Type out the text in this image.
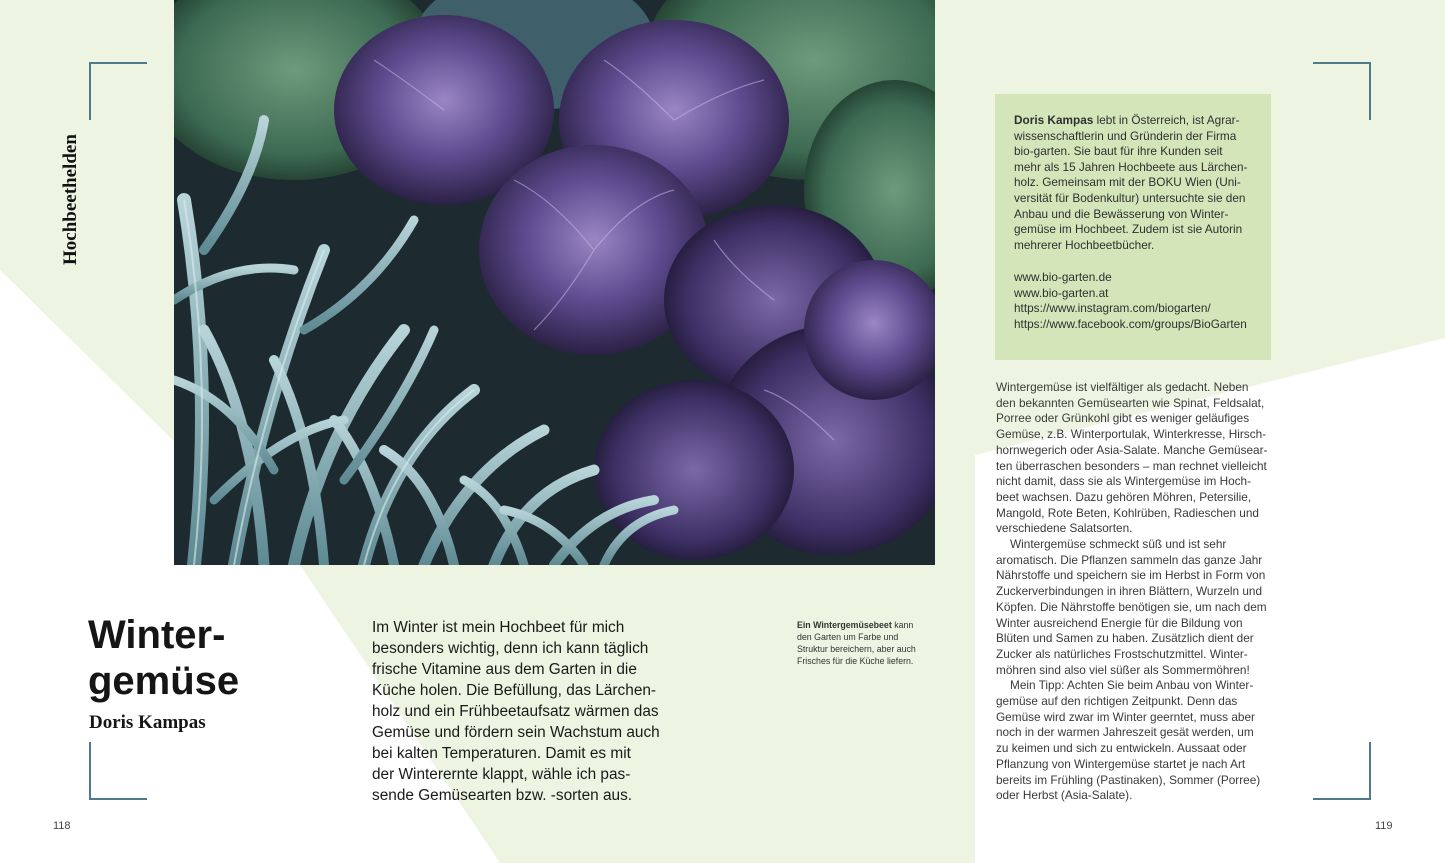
Hochbeethelden
Winter-
gemüse
Doris Kampas
Im Winter ist mein Hochbeet für mich
besonders wichtig, denn ich kann täglich
frische Vitamine aus dem Garten in die
Küche holen. Die Befüllung, das Lärchen-
holz und ein Frühbeetaufsatz wärmen das
Gemüse und fördern sein Wachstum auch
bei kalten Temperaturen. Damit es mit
der Winterernte klappt, wähle ich pas-
sende Gemüsearten bzw. -sorten aus.
Ein Wintergemüsebeet kann
den Garten um Farbe und
Struktur bereichern, aber auch
Frisches für die Küche liefern.
Doris Kampas lebt in Österreich, ist Agrar-
wissenschaftlerin und Gründerin der Firma
bio-garten. Sie baut für ihre Kunden seit
mehr als 15 Jahren Hochbeete aus Lärchen-
holz. Gemeinsam mit der BOKU Wien (Uni-
versität für Bodenkultur) untersuchte sie den
Anbau und die Bewässerung von Winter-
gemüse im Hochbeet. Zudem ist sie Autorin
mehrerer Hochbeetbücher.
www.bio-garten.de
www.bio-garten.at
https://www.instagram.com/biogarten/
https://www.facebook.com/groups/BioGarten
Wintergemüse ist vielfältiger als gedacht. Neben
den bekannten Gemüsearten wie Spinat, Feldsalat,
Porree oder Grünkohl gibt es weniger geläufiges
Gemüse, z.B. Winterportulak, Winterkresse, Hirsch-
hornwegerich oder Asia-Salate. Manche Gemüsear-
ten überraschen besonders – man rechnet vielleicht
nicht damit, dass sie als Wintergemüse im Hoch-
beet wachsen. Dazu gehören Möhren, Petersilie,
Mangold, Rote Beten, Kohlrüben, Radieschen und
verschiedene Salatsorten.
Wintergemüse schmeckt süß und ist sehr
aromatisch. Die Pflanzen sammeln das ganze Jahr
Nährstoffe und speichern sie im Herbst in Form von
Zuckerverbindungen in ihren Blättern, Wurzeln und
Köpfen. Die Nährstoffe benötigen sie, um nach dem
Winter ausreichend Energie für die Bildung von
Blüten und Samen zu haben. Zusätzlich dient der
Zucker als natürliches Frostschutzmittel. Winter-
möhren sind also viel süßer als Sommermöhren!
Mein Tipp: Achten Sie beim Anbau von Winter-
gemüse auf den richtigen Zeitpunkt. Denn das
Gemüse wird zwar im Winter geerntet, muss aber
noch in der warmen Jahreszeit gesät werden, um
zu keimen und sich zu entwickeln. Aussaat oder
Pflanzung von Wintergemüse startet je nach Art
bereits im Frühling (Pastinaken), Sommer (Porree)
oder Herbst (Asia-Salate).
118	119
